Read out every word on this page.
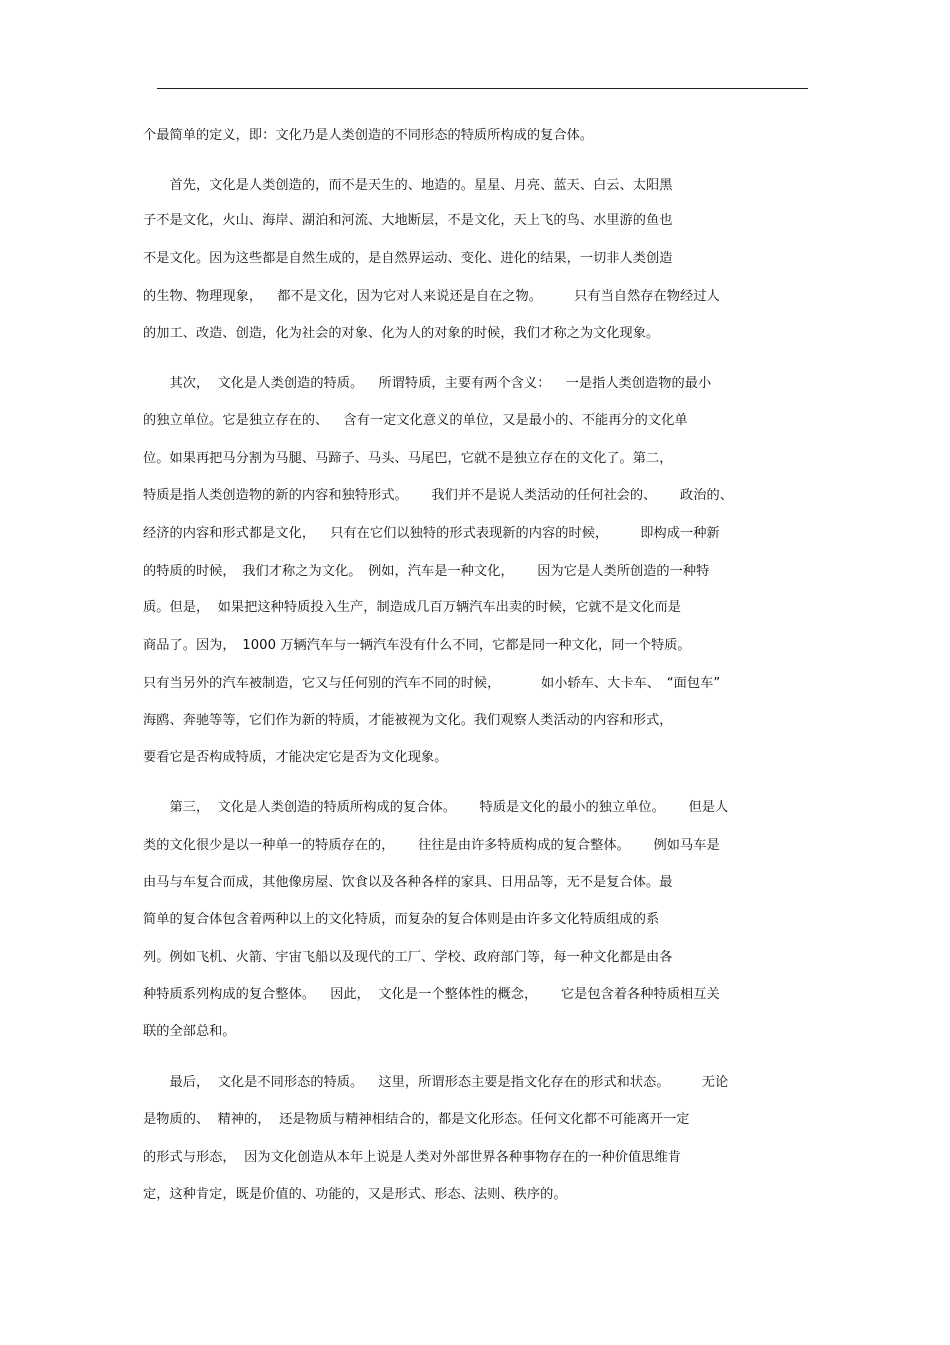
个最简单的定义，即：文化乃是人类创造的不同形态的特质所构成的复合体。
　　首先，文化是人类创造的，而不是天生的、地造的。星星、月亮、蓝天、白云、太阳黑
子不是文化，火山、海岸、湖泊和河流、大地断层，不是文化，天上飞的鸟、水里游的鱼也
不是文化。因为这些都是自然生成的，是自然界运动、变化、进化的结果，一切非人类创造
的生物、物理现象，　  都不是文化，因为它对人来说还是自在之物。　      只有当自然存在物经过人
的加工、改造、创造，化为社会的对象、化为人的对象的时候，我们才称之为文化现象。
　　其次，  文化是人类创造的特质。　  所谓特质，主要有两个含义：　  一是指人类创造物的最小
的独立单位。它是独立存在的、　  含有一定文化意义的单位，又是最小的、不能再分的文化单
位。如果再把马分割为马腿、马蹄子、马头、马尾巴，它就不是独立存在的文化了。第二，
特质是指人类创造物的新的内容和独特形式。　    我们并不是说人类活动的任何社会的、　    政治的、
经济的内容和形式都是文化，　  只有在它们以独特的形式表现新的内容的时候，　      即构成一种新
的特质的时候，　我们才称之为文化。　例如，汽车是一种文化，　    因为它是人类所创造的一种特
质。但是，  如果把这种特质投入生产，制造成几百万辆汽车出卖的时候，它就不是文化而是
商品了。因为，　1000 万辆汽车与一辆汽车没有什么不同，它都是同一种文化，同一个特质。
只有当另外的汽车被制造，它又与任何别的汽车不同的时候，　        如小轿车、大卡车、　“面包车”
海鸥、奔驰等等，它们作为新的特质，才能被视为文化。我们观察人类活动的内容和形式，
要看它是否构成特质，才能决定它是否为文化现象。
　　第三，  文化是人类创造的特质所构成的复合体。　    特质是文化的最小的独立单位。　    但是人
类的文化很少是以一种单一的特质存在的，　    往往是由许多特质构成的复合整体。　    例如马车是
由马与车复合而成，其他像房屋、饮食以及各种各样的家具、日用品等，无不是复合体。最
简单的复合体包含着两种以上的文化特质，而复杂的复合体则是由许多文化特质组成的系
列。例如飞机、火箭、宇宙飞船以及现代的工厂、学校、政府部门等，每一种文化都是由各
种特质系列构成的复合整体。　  因此，  文化是一个整体性的概念，　    它是包含着各种特质相互关
联的全部总和。
　　最后，  文化是不同形态的特质。　  这里，所谓形态主要是指文化存在的形式和状态。　      无论
是物质的、  精神的，  还是物质与精神相结合的，都是文化形态。任何文化都不可能离开一定
的形式与形态，  因为文化创造从本年上说是人类对外部世界各种事物存在的一种价值思维肯
定，这种肯定，既是价值的、功能的，又是形式、形态、法则、秩序的。
